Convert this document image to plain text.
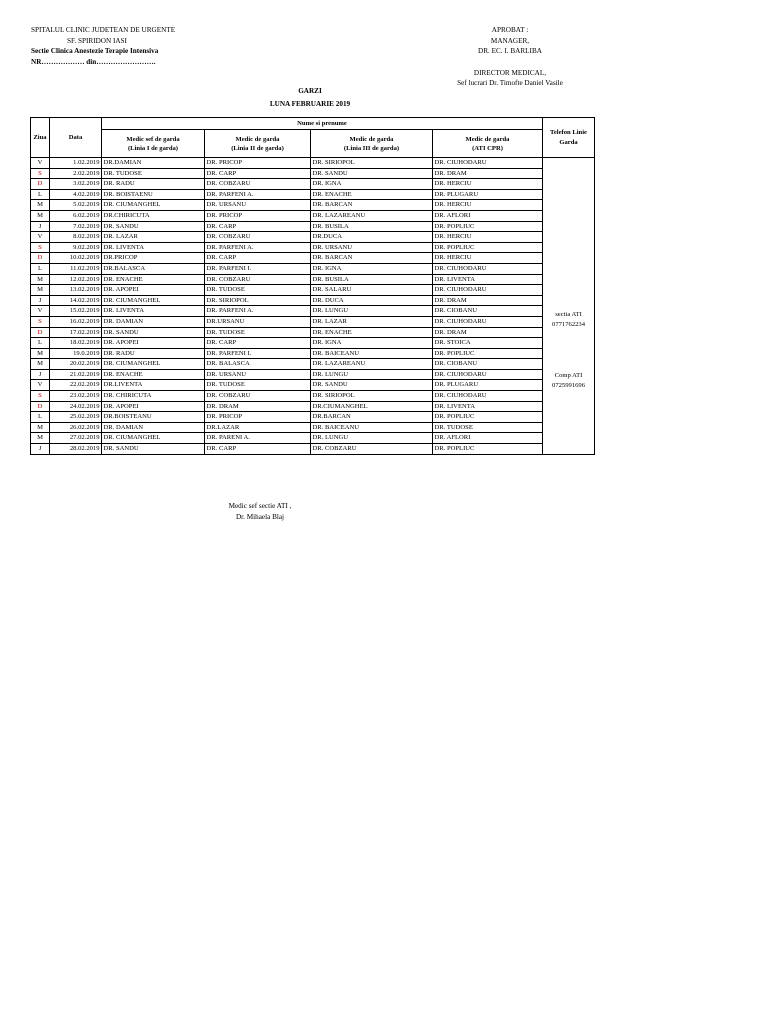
SPITALUL CLINIC JUDETEAN DE URGENTE
SF. SPIRIDON IASI
Sectie Clinica Anestezie Terapie Intensiva
NR……………… din…………………….
APROBAT :
MANAGER,
DR. EC. I. BARLIBA
DIRECTOR MEDICAL,
Sef lucrari Dr. Timofte Daniel Vasile
GARZI
LUNA FEBRUARIE 2019
Ziua	Data	Nume si prenume				Telefon Linie
Garda

		Medic sef de garda
(Linia I de garda)	Medic de garda
(Linia II de garda)	Medic de garda
(Linia III de garda)	Medic de garda
(ATI CPR)	

V	1.02.2019	DR.DAMIAN	DR. PRICOP	DR. SIRIOPOL	DR. CIUHODARU	sectia ATI
0771762234
Comp ATI
0725991696

S	2.02.2019	DR. TUDOSE	DR. CARP	DR. SANDU	DR. DRAM	
D	3.02.2019	DR. RADU	DR. COBZARU	DR. IGNA	DR. HERCIU	
L	4.02.2019	DR. BOISTAENU	DR. PARFENI A.	DR. ENACHE	DR. PLUGARU	
M	5.02.2019	DR. CIUMANGHEL	DR. URSANU	DR. BARCAN	DR. HERCIU	
M	6.02.2019	DR.CHIRICUTA	DR. PRICOP	DR. LAZAREANU	DR. AFLORI	
J	7.02.2019	DR. SANDU	DR. CARP	DR. BUSILA	DR. POPLIUC	
V	8.02.2019	DR. LAZAR	DR. COBZARU	DR.DUCA	DR. HERCIU	
S	9.02.2019	DR. LIVENTA	DR. PARFENI A.	DR. URSANU	DR. POPLIUC	
D	10.02.2019	DR.PRICOP	DR. CARP	DR. BARCAN	DR. HERCIU	
L	11.02.2019	DR.BALASCA	DR. PARFENI I.	DR. IGNA	DR. CIUHODARU	
M	12.02.2019	DR. ENACHE	DR. COBZARU	DR. BUSILA	DR. LIVENTA	
M	13.02.2019	DR. APOPEI	DR. TUDOSE	DR. SALARU	DR. CIUHODARU	
J	14.02.2019	DR. CIUMANGHEL	DR. SIRIOPOL	DR. DUCA	DR. DRAM	
V	15.02.2019	DR. LIVENTA	DR. PARFENI A.	DR. LUNGU	DR. CIOBANU	
S	16.02.2019	DR. DAMIAN	DR.URSANU	DR. LAZAR	DR. CIUHODARU	
D	17.02.2019	DR. SANDU	DR. TUDOSE	DR. ENACHE	DR. DRAM	
L	18.02.2019	DR. APOPEI	DR. CARP	DR. IGNA	DR. STOICA	
M	19.0.2019	DR. RADU	DR. PARFENI I.	DR. BAICEANU	DR. POPLIUC	
M	20.02.2019	DR. CIUMANGHEL	DR. BALASCA	DR. LAZAREANU	DR. CIOBANU	
J	21.02.2019	DR. ENACHE	DR. URSANU	DR. LUNGU	DR. CIUHODARU	
V	22.02.2019	DR.LIVENTA	DR. TUDOSE	DR. SANDU	DR. PLUGARU	
S	23.02.2019	DR. CHIRICUTA	DR. COBZARU	DR. SIRIOPOL	DR. CIUHODARU	
D	24.02.2019	DR. APOPEI	DR. DRAM	DR.CIUMANGHEL	DR. LIVENTA	
L	25.02.2019	DR.BOISTEANU	DR. PRICOP	DR.BARCAN	DR. POPLIUC	
M	26.02.2019	DR. DAMIAN	DR.LAZAR	DR. BAICEANU	DR. TUDOSE	
M	27.02.2019	DR. CIUMANGHEL	DR. PARENI A.	DR. LUNGU	DR. AFLORI	
J	28.02.2019	DR. SANDU	DR. CARP	DR. COBZARU	DR. POPLIUC	
Medic sef sectie ATI ,
Dr. Mihaela Blaj
